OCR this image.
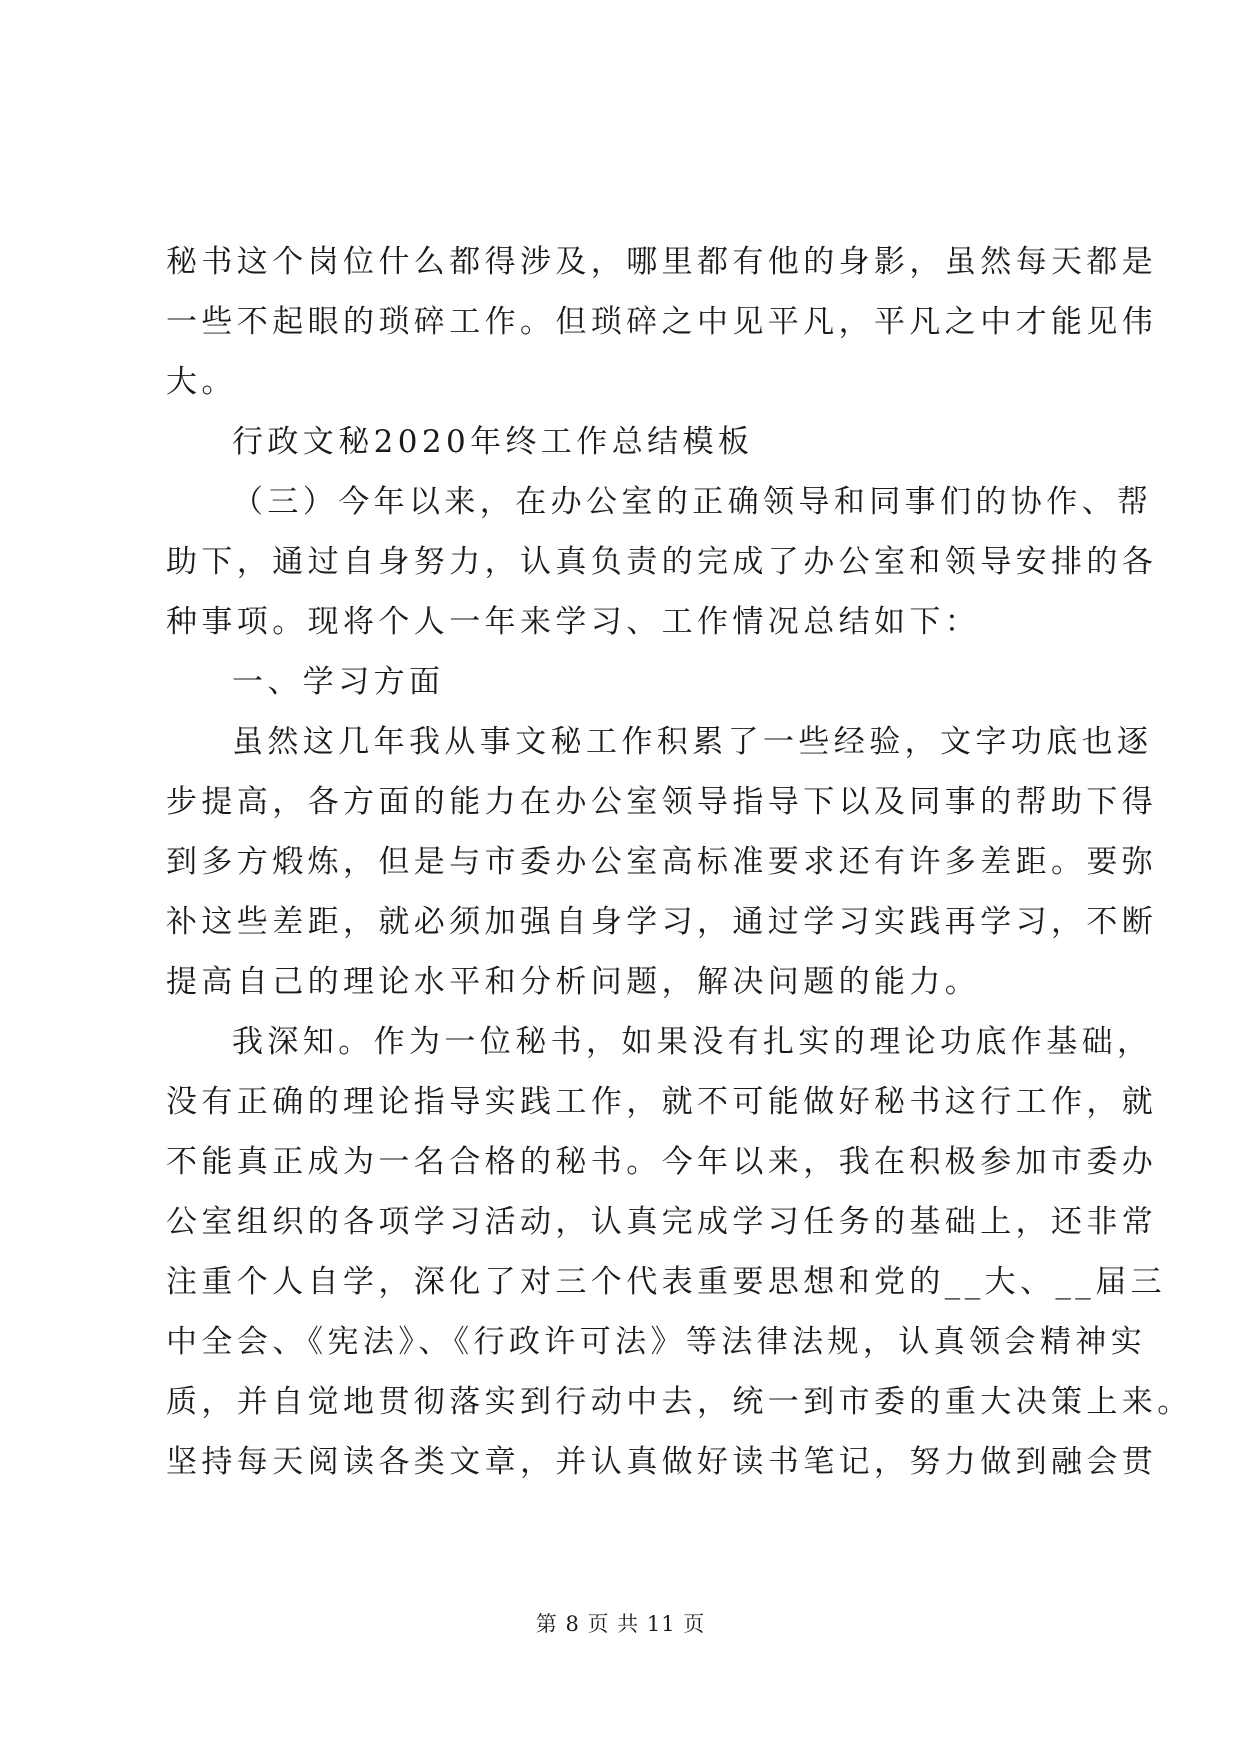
秘书这个岗位什么都得涉及，哪里都有他的身影，虽然每天都是
一些不起眼的琐碎工作。但琐碎之中见平凡，平凡之中才能见伟
大。

行政文秘2020年终工作总结模板

（三）今年以来，在办公室的正确领导和同事们的协作、帮
助下，通过自身努力，认真负责的完成了办公室和领导安排的各
种事项。现将个人一年来学习、工作情况总结如下：

一、学习方面

虽然这几年我从事文秘工作积累了一些经验，文字功底也逐
步提高，各方面的能力在办公室领导指导下以及同事的帮助下得
到多方煅炼，但是与市委办公室高标准要求还有许多差距。要弥
补这些差距，就必须加强自身学习，通过学习实践再学习，不断
提高自己的理论水平和分析问题，解决问题的能力。

我深知。作为一位秘书，如果没有扎实的理论功底作基础，
没有正确的理论指导实践工作，就不可能做好秘书这行工作，就
不能真正成为一名合格的秘书。今年以来，我在积极参加市委办
公室组织的各项学习活动，认真完成学习任务的基础上，还非常
注重个人自学，深化了对三个代表重要思想和党的__大、__届三
中全会、《宪法》、《行政许可法》等法律法规，认真领会精神实
质，并自觉地贯彻落实到行动中去，统一到市委的重大决策上来。
坚持每天阅读各类文章，并认真做好读书笔记，努力做到融会贯

第 8 页 共 11 页
